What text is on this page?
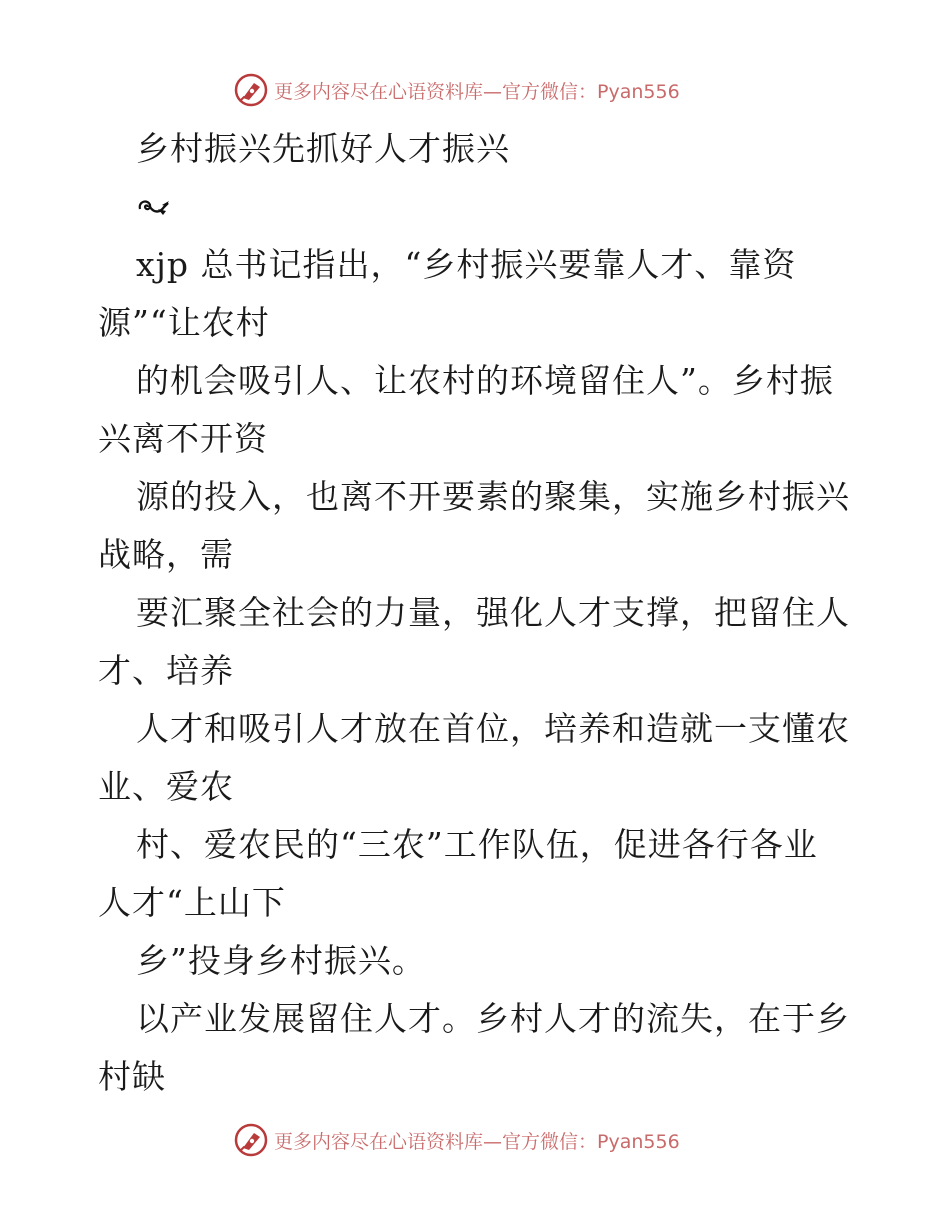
更多内容尽在心语资料库—官方微信：Pyan556
乡村振兴先抓好人才振兴
xjp 总书记指出，“乡村振兴要靠人才、靠资
源”“让农村
的机会吸引人、让农村的环境留住人”。乡村振
兴离不开资
源的投入，也离不开要素的聚集，实施乡村振兴
战略，需
要汇聚全社会的力量，强化人才支撑，把留住人
才、培养
人才和吸引人才放在首位，培养和造就一支懂农
业、爱农
村、爱农民的“三农”工作队伍，促进各行各业
人才“上山下
乡”投身乡村振兴。
以产业发展留住人才。乡村人才的流失，在于乡
村缺
更多内容尽在心语资料库—官方微信：Pyan556
